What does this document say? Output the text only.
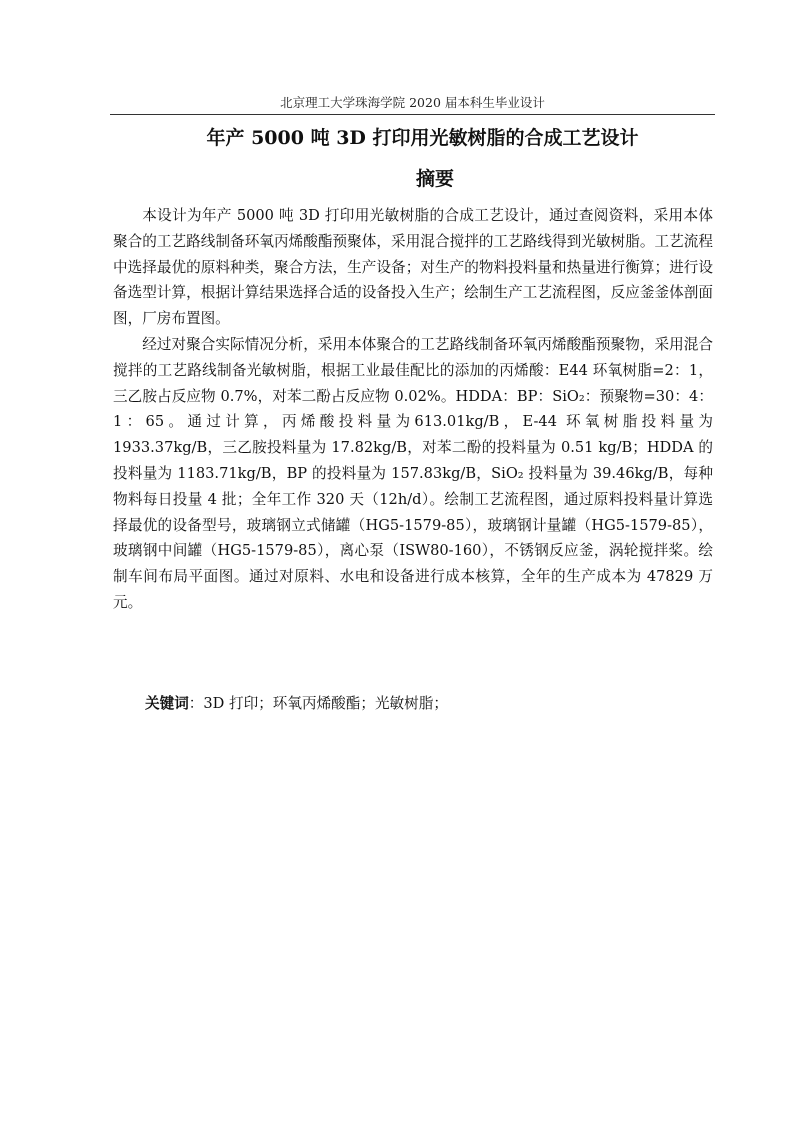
北京理工大学珠海学院 2020 届本科生毕业设计
年产 5000 吨 3D 打印用光敏树脂的合成工艺设计
摘要

本设计为年产 5000 吨 3D 打印用光敏树脂的合成工艺设计，通过查阅资料，采用本体聚合的工艺路线制备环氧丙烯酸酯预聚体，采用混合搅拌的工艺路线得到光敏树脂。工艺流程中选择最优的原料种类，聚合方法，生产设备；对生产的物料投料量和热量进行衡算；进行设备选型计算，根据计算结果选择合适的设备投入生产；绘制生产工艺流程图，反应釜釜体剖面图，厂房布置图。

经过对聚合实际情况分析，采用本体聚合的工艺路线制备环氧丙烯酸酯预聚物，采用混合搅拌的工艺路线制备光敏树脂，根据工业最佳配比的添加的丙烯酸：E44 环氧树脂=2：1，三乙胺占反应物 0.7%，对苯二酚占反应物 0.02%。HDDA：BP：SiO₂：预聚物=30：4：1：65。通过计算，丙烯酸投料量为613.01kg/B，E-44 环氧树脂投料量为 1933.37kg/B，三乙胺投料量为 17.82kg/B，对苯二酚的投料量为 0.51 kg/B；HDDA 的投料量为 1183.71kg/B，BP 的投料量为 157.83kg/B，SiO₂ 投料量为 39.46kg/B，每种物料每日投量 4 批；全年工作 320 天（12h/d）。绘制工艺流程图，通过原料投料量计算选择最优的设备型号，玻璃钢立式储罐（HG5-1579-85），玻璃钢计量罐（HG5-1579-85），玻璃钢中间罐（HG5-1579-85），离心泵（ISW80-160），不锈钢反应釜，涡轮搅拌桨。绘制车间布局平面图。通过对原料、水电和设备进行成本核算，全年的生产成本为 47829 万元。

关键词：3D 打印；环氧丙烯酸酯；光敏树脂；
